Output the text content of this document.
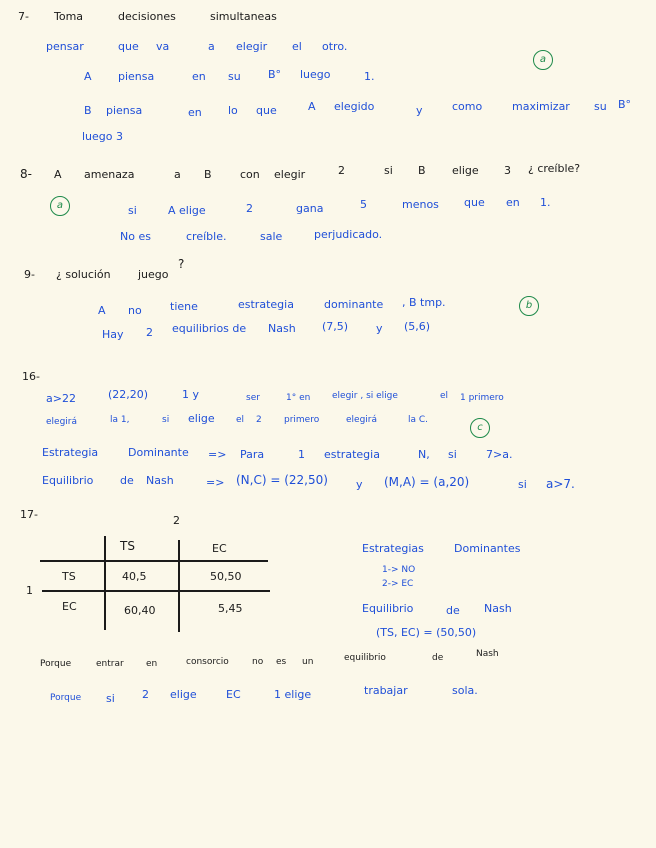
7- Toma	decisiones	simultaneas
pensar	que va	a elegir el otro.
a
A piensa	en su B° luego	1.
B piensa	en lo que	A elegido	y	como	maximizar su B°
luego 3
8- A amenaza	a B	con elegir	2	si B elige 3 ¿ creíble?
a	si	A elige	2	gana	5	menos que en 1.
No es	creíble.	sale	perjudicado.
9- ¿ solución juego
?
A no	tiene	estrategia	dominante , B tmp.	b
Hay 2 equilibrios de Nash (7,5)	y (5,6)
16-
a>22	(22,20)	1 y	ser	1° en elegir , si elige	el 1 primero
elegirá	la 1,	si elige el 2 primero	elegirá	la C.
c
Estrategia	Dominante => Para	1 estrategia	N, si	7>a.
Equilibrio de Nash	=> (N,C) = (22,50)	y (M,A) = (a,20)	si a>7.
17-	2
1
TS	EC
TS	40,5	50,50
EC	60,40	5,45
Estrategias	Dominantes
1-> NO
2-> EC
Equilibrio	de Nash
(TS, EC) = (50,50)
Porque	entrar en	consorcio	no es un	equilibrio	de	Nash
Porque si 2 elige	EC	1 elige	trabajar	sola.
